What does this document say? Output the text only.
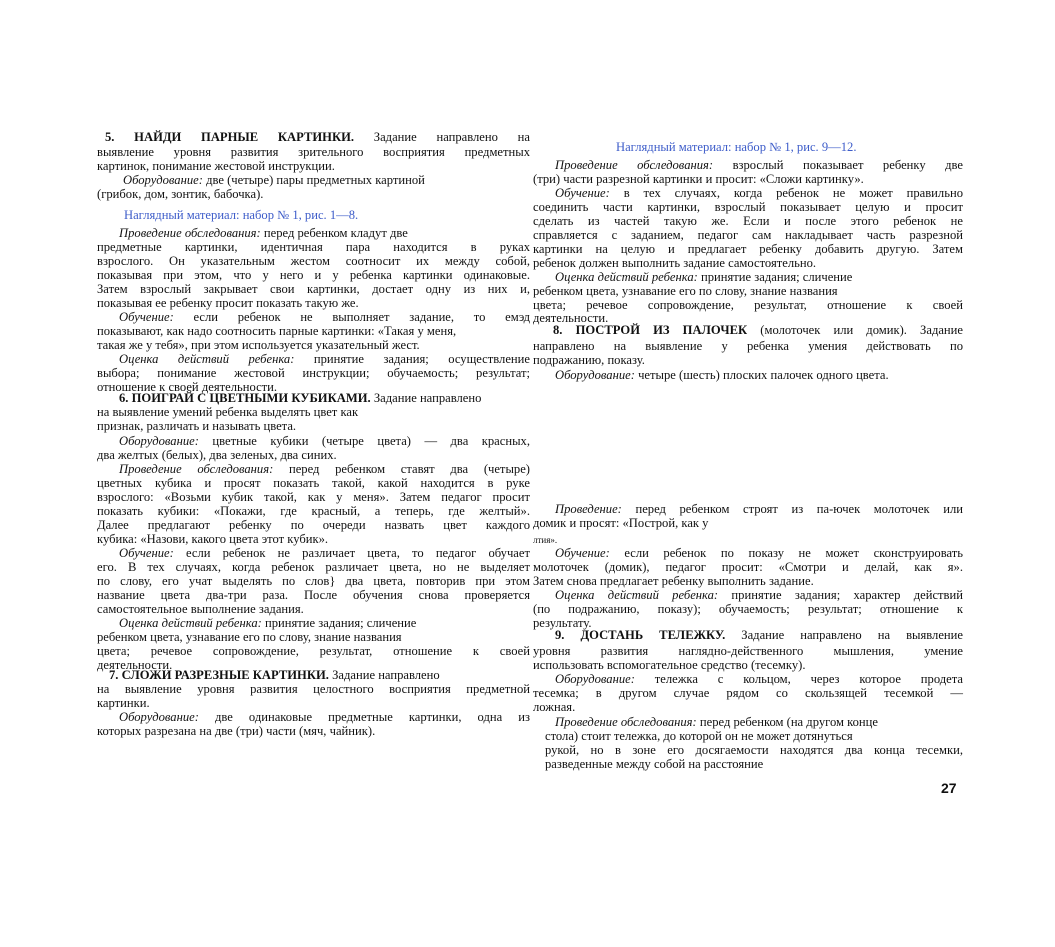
5. НАЙДИ ПАРНЫЕ КАРТИНКИ. Задание направлено на
выявление уровня развития зрительного восприятия предметных
картинок, понимание жестовой инструкции.
Оборудование: две (четыре) пары предметных картиной
(грибок, дом, зонтик, бабочка).
Наглядный материал: набор № 1, рис. 1—8.
Проведение обследования: перед ребенком кладут две
предметные картинки, идентичная пара находится в руках
взрослого. Он указательным жестом соотносит их между собой,
показывая при этом, что у него и у ребенка картинки одинаковые.
Затем взрослый закрывает свои картинки, достает одну из них и,
показывая ее ребенку просит показать такую же.
Обучение: если ребенок не выполняет задание, то емэд
показывают, как надо соотносить парные картинки: «Такая у меня,
такая же у тебя», при этом используется указательный жест.
Оценка действий ребенка: принятие задания; осуществление
выбора; понимание жестовой инструкции; обучаемость; результат;
отношение к своей деятельности.
6. ПОИГРАЙ С ЦВЕТНЫМИ КУБИКАМИ. Задание направлено
на выявление умений ребенка выделять цвет как
признак, различать и называть цвета.
Оборудование: цветные кубики (четыре цвета) — два красных,
два желтых (белых), два зеленых, два синих.
Проведение обследования: перед ребенком ставят два (четыре)
цветных кубика и просят показать такой, какой находится в руке
взрослого: «Возьми кубик такой, как у меня». Затем педагог просит
показать кубики: «Покажи, где красный, а теперь, где желтый».
Далее предлагают ребенку по очереди назвать цвет каждого
кубика: «Назови, какого цвета этот кубик».
Обучение: если ребенок не различает цвета, то педагог обучает
его. В тех случаях, когда ребенок различает цвета, но не выделяет
по слову, его учат выделять по слов} два цвета, повторив при этом
название цвета два-три раза. После обучения снова проверяется
самостоятельное выполнение задания.
Оценка действий ребенка: принятие задания; сличение
ребенком цвета, узнавание его по слову, знание названия
цвета; речевое сопровождение, результат, отношение к своей
деятельности.
7. СЛОЖИ РАЗРЕЗНЫЕ КАРТИНКИ. Задание направлено
на выявление уровня развития целостного восприятия предметной
картинки.
Оборудование: две одинаковые предметные картинки, одна из
которых разрезана на две (три) части (мяч, чайник).
Наглядный материал: набор № 1, рис. 9—12.
Проведение обследования: взрослый показывает ребенку две
(три) части разрезной картинки и просит: «Сложи картинку».
Обучение: в тех случаях, когда ребенок не может правильно
соединить части картинки, взрослый показывает целую и просит
сделать из частей такую же. Если и после этого ребенок не
справляется с заданием, педагог сам накладывает часть разрезной
картинки на целую и предлагает ребенку добавить другую. Затем
ребенок должен выполнить задание самостоятельно.
Оценка действий ребенка: принятие задания; сличение
ребенком цвета, узнавание его по слову, знание названия
цвета; речевое сопровождение, результат, отношение к своей
деятельности.
8. ПОСТРОЙ ИЗ ПАЛОЧЕК (молоточек или домик). Задание
направлено на выявление у ребенка умения действовать по
подражанию, показу.
Оборудование: четыре (шесть) плоских палочек одного цвета.
Проведение: перед ребенком строят из па-ючек молоточек или
домик и просят: «Построй, как у
лтия».
Обучение: если ребенок по показу не может сконструировать
молоточек (домик), педагог просит: «Смотри и делай, как я».
Затем снова предлагает ребенку выполнить задание.
Оценка действий ребенка: принятие задания; характер действий
(по подражанию, показу); обучаемость; результат; отношение к
результату.
9. ДОСТАНЬ ТЕЛЕЖКУ. Задание направлено на выявление
уровня развития наглядно-действенного мышления, умение
использовать вспомогательное средство (тесемку).
Оборудование: тележка с кольцом, через которое продета
тесемка; в другом случае рядом со скользящей тесемкой —
ложная.
Проведение обследования: перед ребенком (на другом конце
стола) стоит тележка, до которой он не может дотянуться
рукой, но в зоне его досягаемости находятся два конца тесемки,
разведенные между собой на расстояние
27
